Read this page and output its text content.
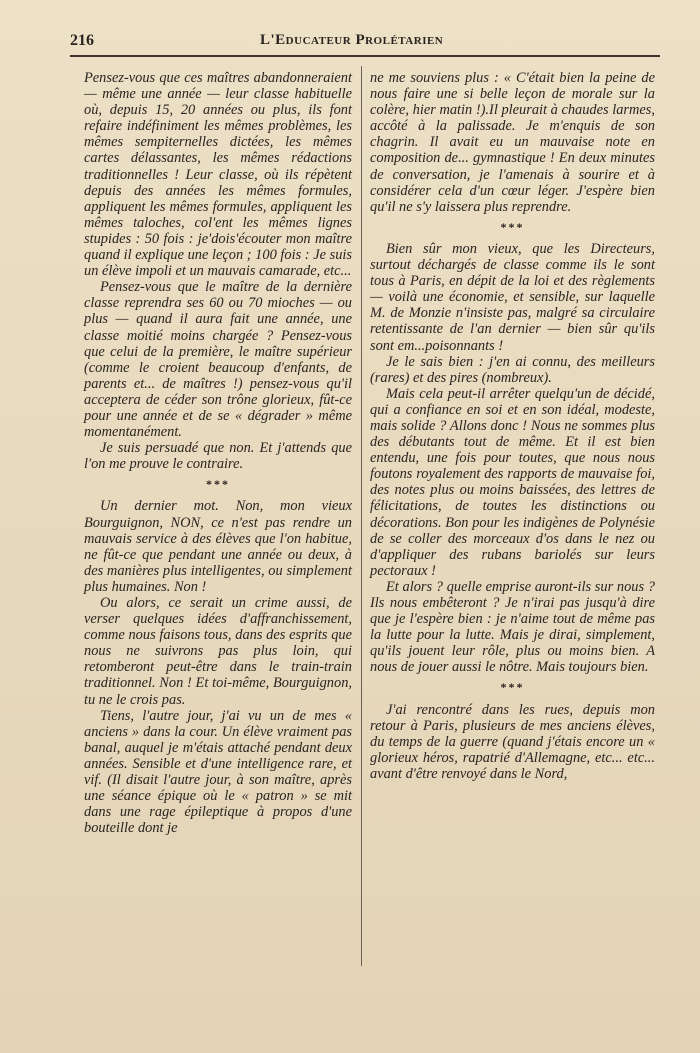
216	L'Educateur Prolétarien

Pensez-vous que ces maîtres abandonneraient — même une année — leur classe habituelle où, depuis 15, 20 années ou plus, ils font refaire indéfiniment les mêmes problèmes, les mêmes sempiternelles dictées, les mêmes cartes délassantes, les mêmes rédactions traditionnelles ! Leur classe, où ils répètent depuis des années les mêmes formules, appliquent les mêmes formules, appliquent les mêmes taloches, col'ent les mêmes lignes stupides : 50 fois : je'dois'écouter mon maître quand il explique une leçon ; 100 fois : Je suis un élève impoli et un mauvais camarade, etc...

Pensez-vous que le maître de la dernière classe reprendra ses 60 ou 70 mioches — ou plus — quand il aura fait une année, une classe moitié moins chargée ? Pensez-vous que celui de la première, le maître supérieur (comme le croient beaucoup d'enfants, de parents et... de maîtres !) pensez-vous qu'il acceptera de céder son trône glorieux, fût-ce pour une année et de se « dégrader » même momentanément.

Je suis persuadé que non. Et j'attends que l'on me prouve le contraire.

***

Un dernier mot. Non, mon vieux Bourguignon, NON, ce n'est pas rendre un mauvais service à des élèves que l'on habitue, ne fût-ce que pendant une année ou deux, à des manières plus intelligentes, ou simplement plus humaines. Non !

Ou alors, ce serait un crime aussi, de verser quelques idées d'affranchissement, comme nous faisons tous, dans des esprits que nous ne suivrons pas plus loin, qui retomberont peut-être dans le train-train traditionnel. Non ! Et toi-même, Bourguignon, tu ne le crois pas.

Tiens, l'autre jour, j'ai vu un de mes « anciens » dans la cour. Un élève vraiment pas banal, auquel je m'étais attaché pendant deux années. Sensible et d'une intelligence rare, et vif. (Il disait l'autre jour, à son maître, après une séance épique où le « patron » se mit dans une rage épileptique à propos d'une bouteille dont je

ne me souviens plus : « C'était bien la peine de nous faire une si belle leçon de morale sur la colère, hier matin !).Il pleurait à chaudes larmes, accôté à la palissade. Je m'enquis de son chagrin. Il avait eu un mauvaise note en composition de... gymnastique ! En deux minutes de conversation, je l'amenais à sourire et à considérer cela d'un cœur léger. J'espère bien qu'il ne s'y laissera plus reprendre.

***

Bien sûr mon vieux, que les Directeurs, surtout déchargés de classe comme ils le sont tous à Paris, en dépit de la loi et des règlements — voilà une économie, et sensible, sur laquelle M. de Monzie n'insiste pas, malgré sa circulaire retentissante de l'an dernier — bien sûr qu'ils sont em...poisonnants !

Je le sais bien : j'en ai connu, des meilleurs (rares) et des pires (nombreux).

Mais cela peut-il arrêter quelqu'un de décidé, qui a confiance en soi et en son idéal, modeste, mais solide ? Allons donc ! Nous ne sommes plus des débutants tout de même. Et il est bien entendu, une fois pour toutes, que nous nous foutons royalement des rapports de mauvaise foi, des notes plus ou moins baissées, des lettres de félicitations, de toutes les distinctions ou décorations. Bon pour les indigènes de Polynésie de se coller des morceaux d'os dans le nez ou d'appliquer des rubans bariolés sur leurs pectoraux !

Et alors ? quelle emprise auront-ils sur nous ? Ils nous embêteront ? Je n'irai pas jusqu'à dire que je l'espère bien : je n'aime tout de même pas la lutte pour la lutte. Mais je dirai, simplement, qu'ils jouent leur rôle, plus ou moins bien. A nous de jouer aussi le nôtre. Mais toujours bien.

***

J'ai rencontré dans les rues, depuis mon retour à Paris, plusieurs de mes anciens élèves, du temps de la guerre (quand j'étais encore un « glorieux héros, rapatrié d'Allemagne, etc... etc... avant d'être renvoyé dans le Nord,
